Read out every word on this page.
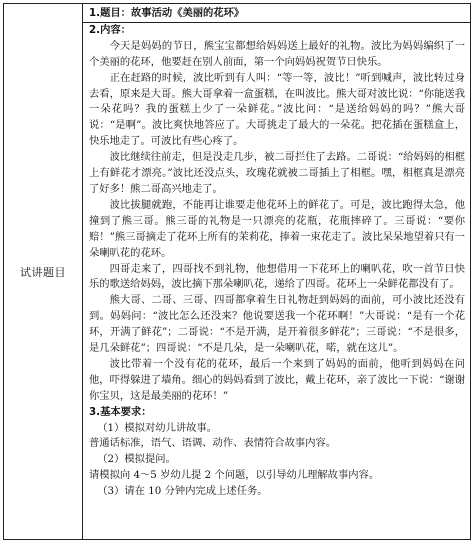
试讲题目

1.题目：故事活动《美丽的花环》

2.内容：

今天是妈妈的节日，熊宝宝都想给妈妈送上最好的礼物。波比为妈妈编织了一个美丽的花环，他要赶在别人前面，第一个向妈妈祝贺节日快乐。

正在赶路的时候，波比听到有人叫：“等一等，波比！”听到喊声，波比转过身去看，原来是大哥。熊大哥拿着一盒蛋糕，在叫波比。熊大哥对波比说：“你能送我一朵花吗？我的蛋糕上少了一朵鲜花。”波比问：“是送给妈妈的吗？”熊大哥说：“是啊”。波比爽快地答应了。大哥挑走了最大的一朵花。把花插在蛋糕盒上，快乐地走了。可波比有些心疼了。

波比继续往前走，但是没走几步，被二哥拦住了去路。二哥说：“给妈妈的相框上有鲜花才漂亮。”波比还没点头，玫瑰花就被二哥插上了相框。嘿，相框真是漂亮了好多！熊二哥高兴地走了。

波比拔腿就跑，不能再让谁要走他花环上的鲜花了。可是，波比跑得太急，他撞到了熊三哥。熊三哥的礼物是一只漂亮的花瓶，花瓶摔碎了。三哥说：“要你赔！”熊三哥摘走了花环上所有的茉莉花，捧着一束花走了。波比呆呆地望着只有一朵喇叭花的花环。

四哥走来了，四哥找不到礼物，他想借用一下花环上的喇叭花，吹一首节日快乐的歌送给妈妈，波比摘下那朵喇叭花，递给了四哥。花环上一朵鲜花都没有了。

熊大哥、二哥、三哥、四哥都拿着生日礼物赶到妈妈的面前，可小波比还没有到。妈妈问：“波比怎么还没来？他说要送我一个花环啊！”大哥说：“是有一个花环，开满了鲜花”；二哥说：“不是开满，是开着很多鲜花”；三哥说：“不是很多，是几朵鲜花”；四哥说：“不是几朵，是一朵喇叭花，喏，就在这儿”。

波比带着一个没有花的花环，最后一个来到了妈妈的面前，他听到妈妈在问他，吓得躲进了墙角。细心的妈妈看到了波比，戴上花环，亲了波比一下说：“谢谢你宝贝，这是最美丽的花环！”

3.基本要求：

（1）模拟对幼儿讲故事。

普通话标准，语气、语调、动作、表情符合故事内容。

（2）模拟提问。

请模拟向 4～5 岁幼儿提 2 个问题，以引导幼儿理解故事内容。

（3）请在 10 分钟内完成上述任务。
